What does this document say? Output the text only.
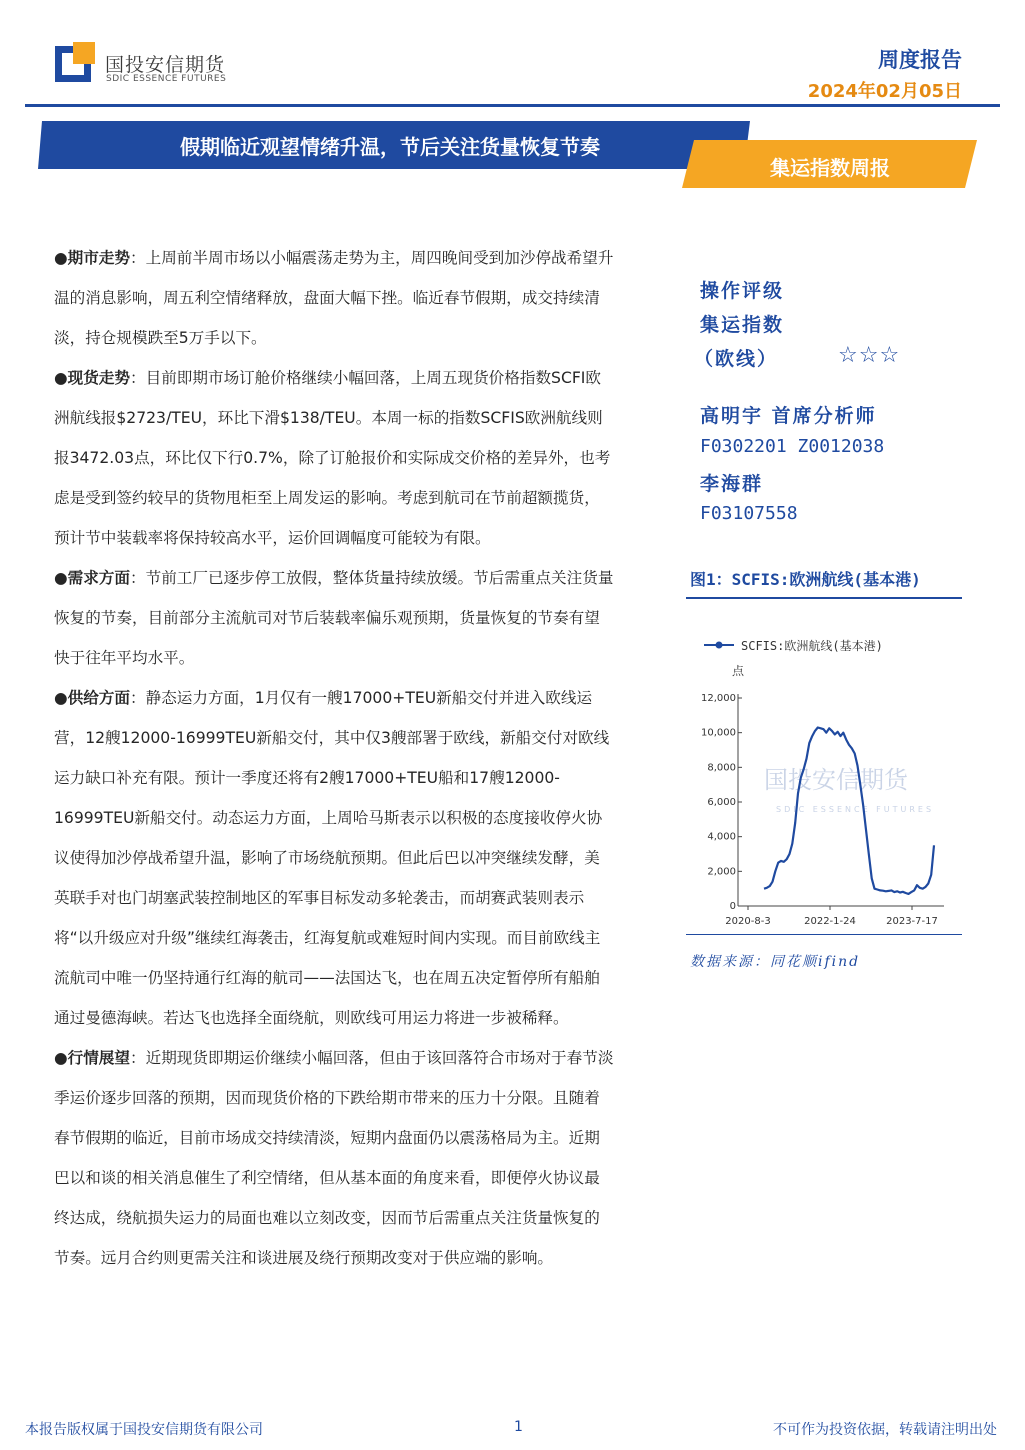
国投安信期货
SDIC ESSENCE FUTURES
周度报告
2024年02月05日
假期临近观望情绪升温，节后关注货量恢复节奏
集运指数周报

●期市走势：上周前半周市场以小幅震荡走势为主，周四晚间受到加沙停战希望升温的消息影响，周五利空情绪释放，盘面大幅下挫。临近春节假期，成交持续清淡，持仓规模跌至5万手以下。

●现货走势：目前即期市场订舱价格继续小幅回落，上周五现货价格指数SCFI欧洲航线报$2723/TEU，环比下滑$138/TEU。本周一标的指数SCFIS欧洲航线则报3472.03点，环比仅下行0.7%，除了订舱报价和实际成交价格的差异外，也考虑是受到签约较早的货物甩柜至上周发运的影响。考虑到航司在节前超额揽货，预计节中装载率将保持较高水平，运价回调幅度可能较为有限。

●需求方面：节前工厂已逐步停工放假，整体货量持续放缓。节后需重点关注货量恢复的节奏，目前部分主流航司对节后装载率偏乐观预期，货量恢复的节奏有望快于往年平均水平。

●供给方面：静态运力方面，1月仅有一艘17000+TEU新船交付并进入欧线运营，12艘12000-16999TEU新船交付，其中仅3艘部署于欧线，新船交付对欧线运力缺口补充有限。预计一季度还将有2艘17000+TEU船和17艘12000-16999TEU新船交付。动态运力方面，上周哈马斯表示以积极的态度接收停火协议使得加沙停战希望升温，影响了市场绕航预期。但此后巴以冲突继续发酵，美英联手对也门胡塞武装控制地区的军事目标发动多轮袭击，而胡赛武装则表示将“以升级应对升级”继续红海袭击，红海复航或难短时间内实现。而目前欧线主流航司中唯一仍坚持通行红海的航司——法国达飞，也在周五决定暂停所有船舶通过曼德海峡。若达飞也选择全面绕航，则欧线可用运力将进一步被稀释。

●行情展望：近期现货即期运价继续小幅回落，但由于该回落符合市场对于春节淡季运价逐步回落的预期，因而现货价格的下跌给期市带来的压力十分限。且随着春节假期的临近，目前市场成交持续清淡，短期内盘面仍以震荡格局为主。近期巴以和谈的相关消息催生了利空情绪，但从基本面的角度来看，即便停火协议最终达成，绕航损失运力的局面也难以立刻改变，因而节后需重点关注货量恢复的节奏。远月合约则更需关注和谈进展及绕行预期改变对于供应端的影响。

操作评级
集运指数
（欧线）	☆☆☆
高明宇 首席分析师
F0302201 Z0012038
李海群
F03107558
图1：SCFIS:欧洲航线(基本港)
国投安信期货
SDIC ESSENCE FUTURES
SCFIS:欧洲航线(基本港)
点
0
2,000
4,000
6,000
8,000
10,000
12,000
2020-8-3	2022-1-24	2023-7-17
数据来源：同花顺ifind
本报告版权属于国投安信期货有限公司	1	不可作为投资依据，转载请注明出处
